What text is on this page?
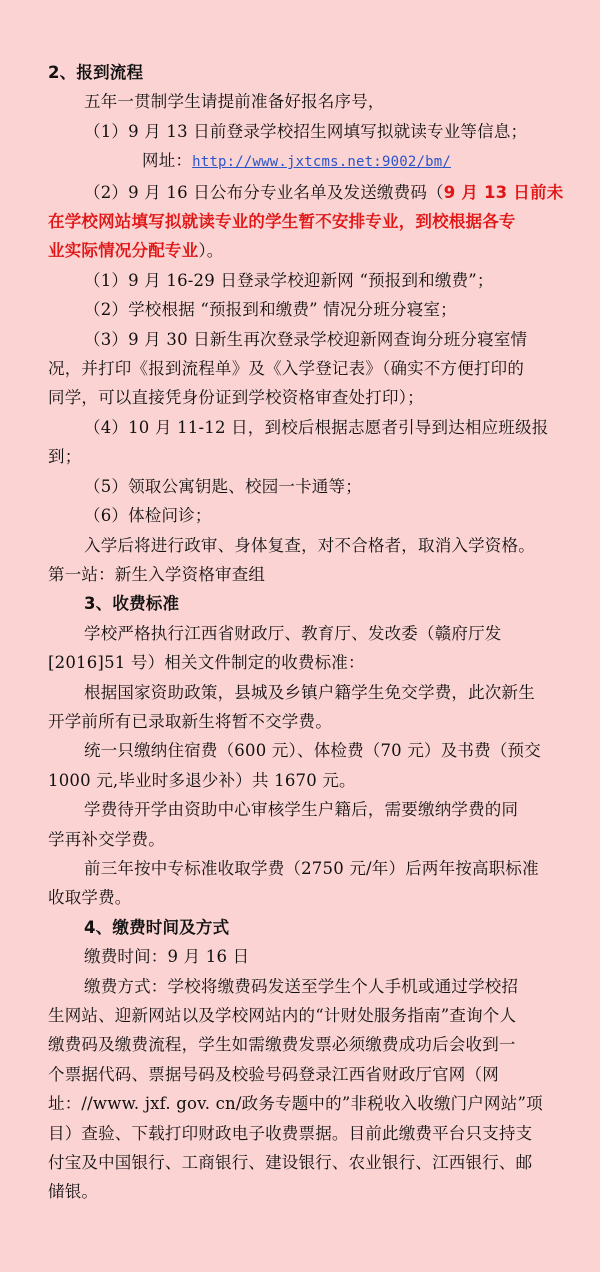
2、报到流程
五年一贯制学生请提前准备好报名序号，
（1）9 月 13 日前登录学校招生网填写拟就读专业等信息；
网址：http://www.jxtcms.net:9002/bm/
（2）9 月 16 日公布分专业名单及发送缴费码（9 月 13 日前未
在学校网站填写拟就读专业的学生暂不安排专业，到校根据各专
业实际情况分配专业）。
（1）9 月 16-29 日登录学校迎新网 “预报到和缴费”；
（2）学校根据 “预报到和缴费” 情况分班分寝室；
（3）9 月 30 日新生再次登录学校迎新网查询分班分寝室情
况，并打印《报到流程单》及《入学登记表》（确实不方便打印的
同学，可以直接凭身份证到学校资格审查处打印）；
（4）10 月 11-12 日，到校后根据志愿者引导到达相应班级报
到；
（5）领取公寓钥匙、校园一卡通等；
（6）体检问诊；
入学后将进行政审、身体复查，对不合格者，取消入学资格。
第一站：新生入学资格审查组
3、收费标准
学校严格执行江西省财政厅、教育厅、发改委（赣府厅发
[2016]51 号）相关文件制定的收费标准：
根据国家资助政策，县城及乡镇户籍学生免交学费，此次新生
开学前所有已录取新生将暂不交学费。
统一只缴纳住宿费（600 元）、体检费（70 元）及书费（预交
1000 元,毕业时多退少补）共 1670 元。
学费待开学由资助中心审核学生户籍后，需要缴纳学费的同
学再补交学费。
前三年按中专标准收取学费（2750 元/年）后两年按高职标准
收取学费。
4、缴费时间及方式
缴费时间：9 月 16 日
缴费方式：学校将缴费码发送至学生个人手机或通过学校招
生网站、迎新网站以及学校网站内的“计财处服务指南”查询个人
缴费码及缴费流程，学生如需缴费发票必须缴费成功后会收到一
个票据代码、票据号码及校验号码登录江西省财政厅官网（网
址：//www. jxf. gov. cn/政务专题中的”非税收入收缴门户网站”项
目）查验、下载打印财政电子收费票据。目前此缴费平台只支持支
付宝及中国银行、工商银行、建设银行、农业银行、江西银行、邮
储银。
